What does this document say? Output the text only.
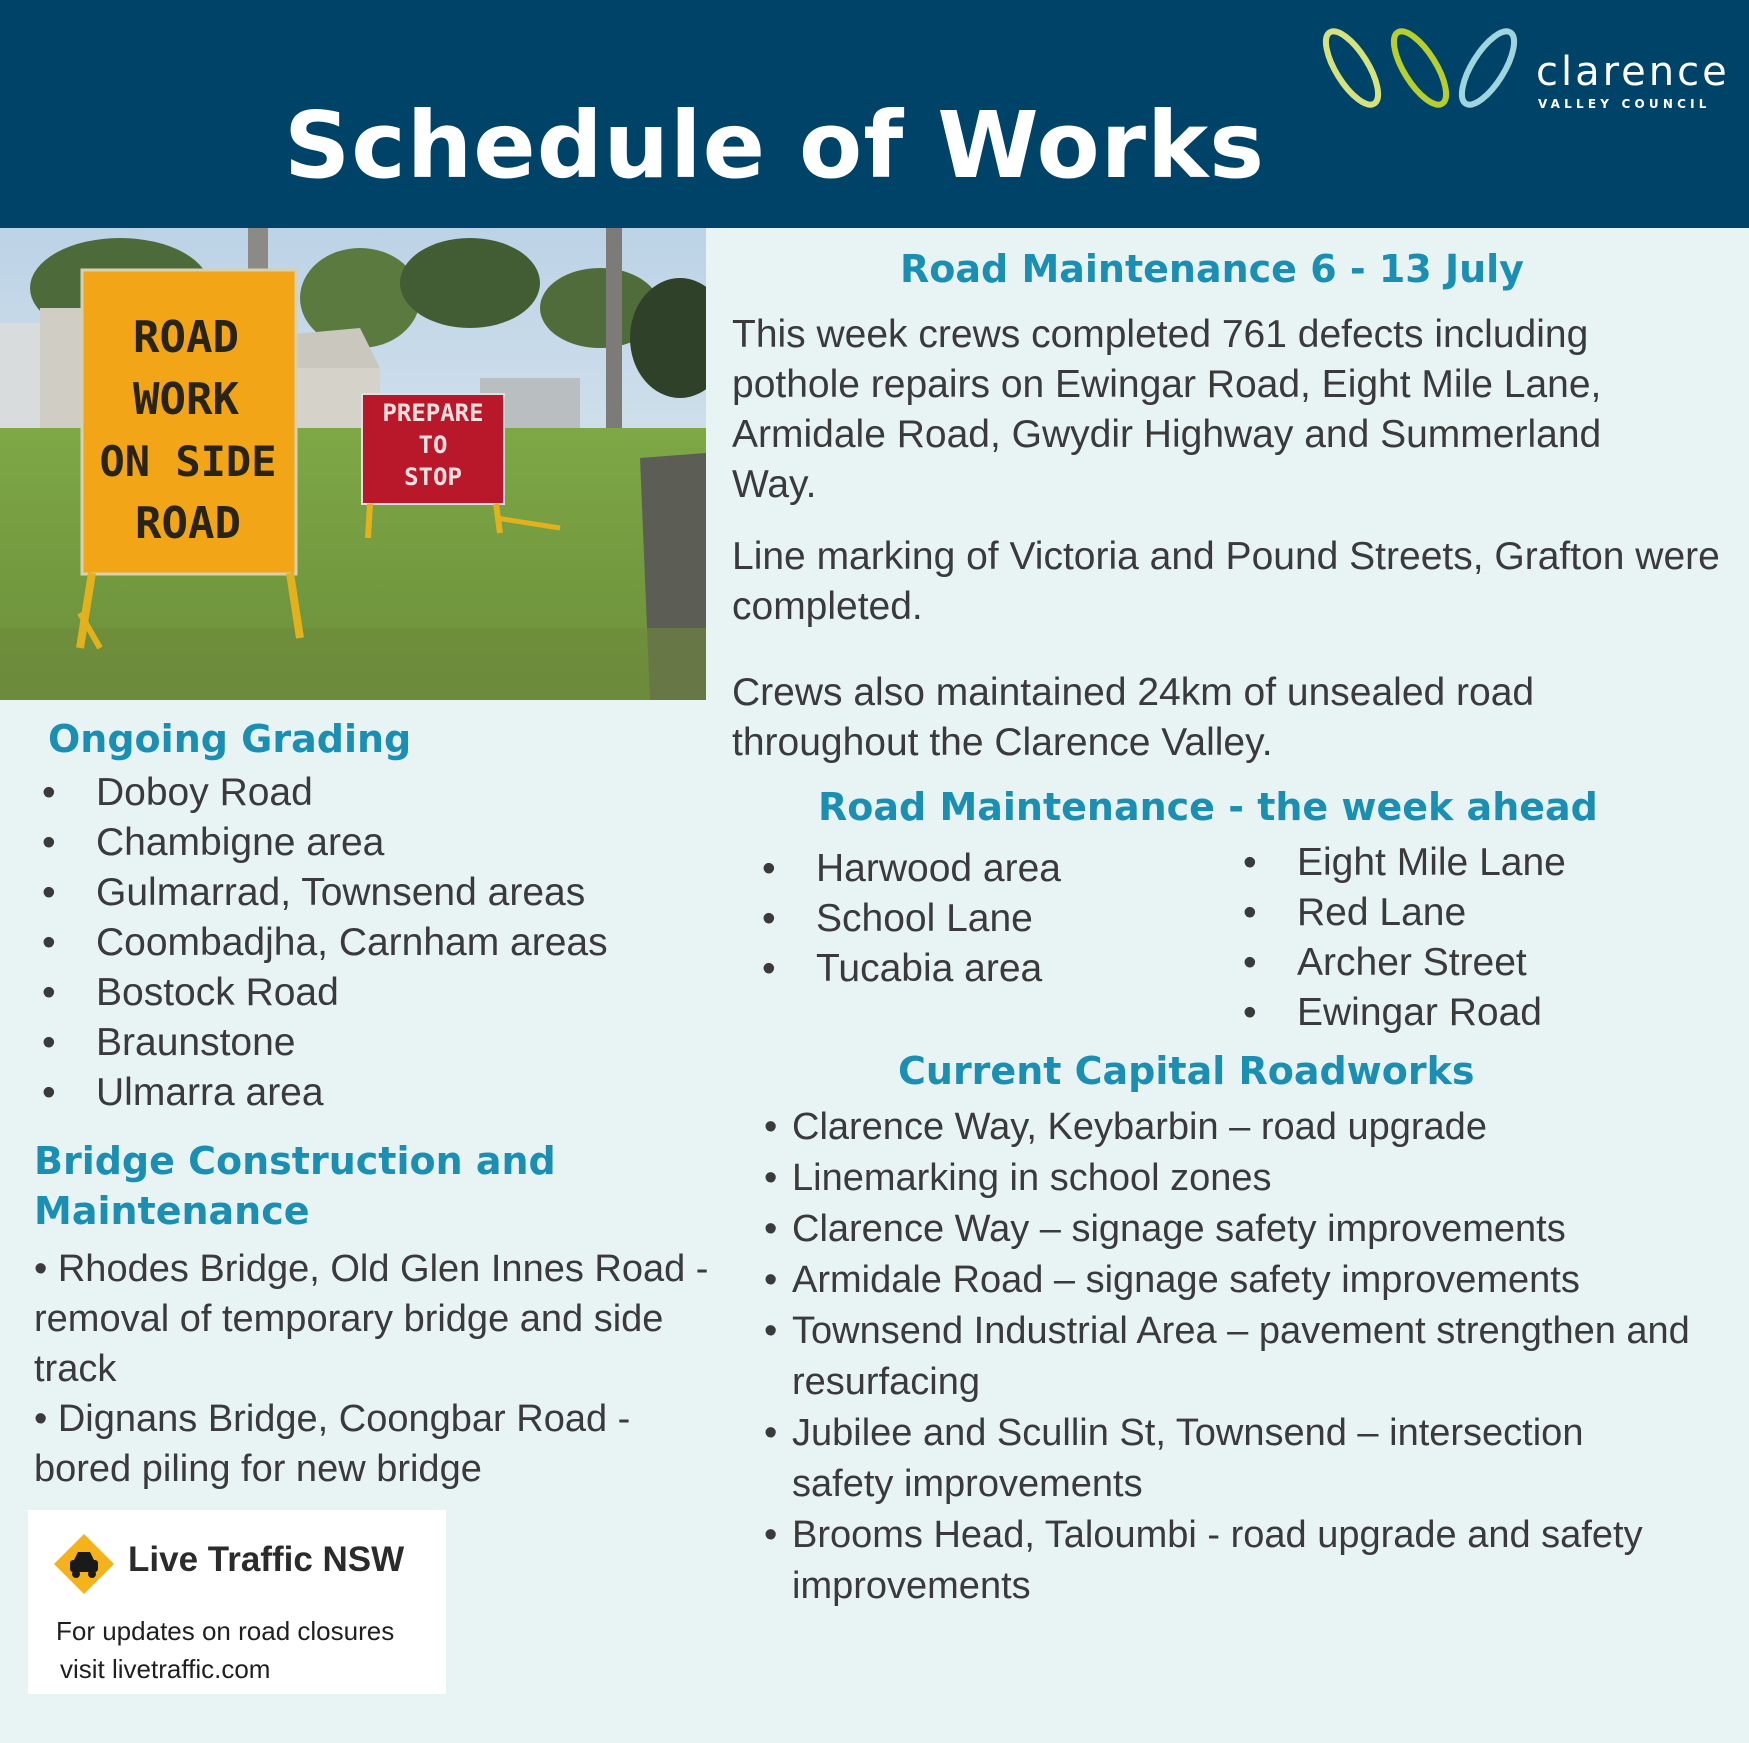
Schedule of Works
clarence
VALLEY COUNCIL
PREPARE
TO
STOP
ROAD
WORK
ON SIDE
ROAD
Road Maintenance 6 - 13 July

This week crews completed 761 defects including pothole repairs on Ewingar Road, Eight Mile Lane, Armidale Road, Gwydir Highway and Summerland Way.

Line marking of Victoria and Pound Streets, Grafton were completed.

Crews also maintained 24km of unsealed road throughout the Clarence Valley.

Road Maintenance - the week ahead
• Harwood area
• School Lane
• Tucabia area
• Eight Mile Lane
• Red Lane
• Archer Street
• Ewingar Road
Current Capital Roadworks
• Clarence Way, Keybarbin – road upgrade
• Linemarking in school zones
• Clarence Way – signage safety improvements
• Armidale Road – signage safety improvements
• Townsend Industrial Area – pavement strengthen and resurfacing
• Jubilee and Scullin St, Townsend – intersection safety improvements
• Brooms Head, Taloumbi - road upgrade and safety improvements
Ongoing Grading
• Doboy Road
• Chambigne area
• Gulmarrad, Townsend areas
• Coombadjha, Carnham areas
• Bostock Road
• Braunstone
• Ulmarra area
Bridge Construction and
Maintenance
• Rhodes Bridge, Old Glen Innes Road - removal of temporary bridge and side track
• Dignans Bridge, Coongbar Road - bored piling for new bridge
Live Traffic NSW
For updates on road closures
visit livetraffic.com
